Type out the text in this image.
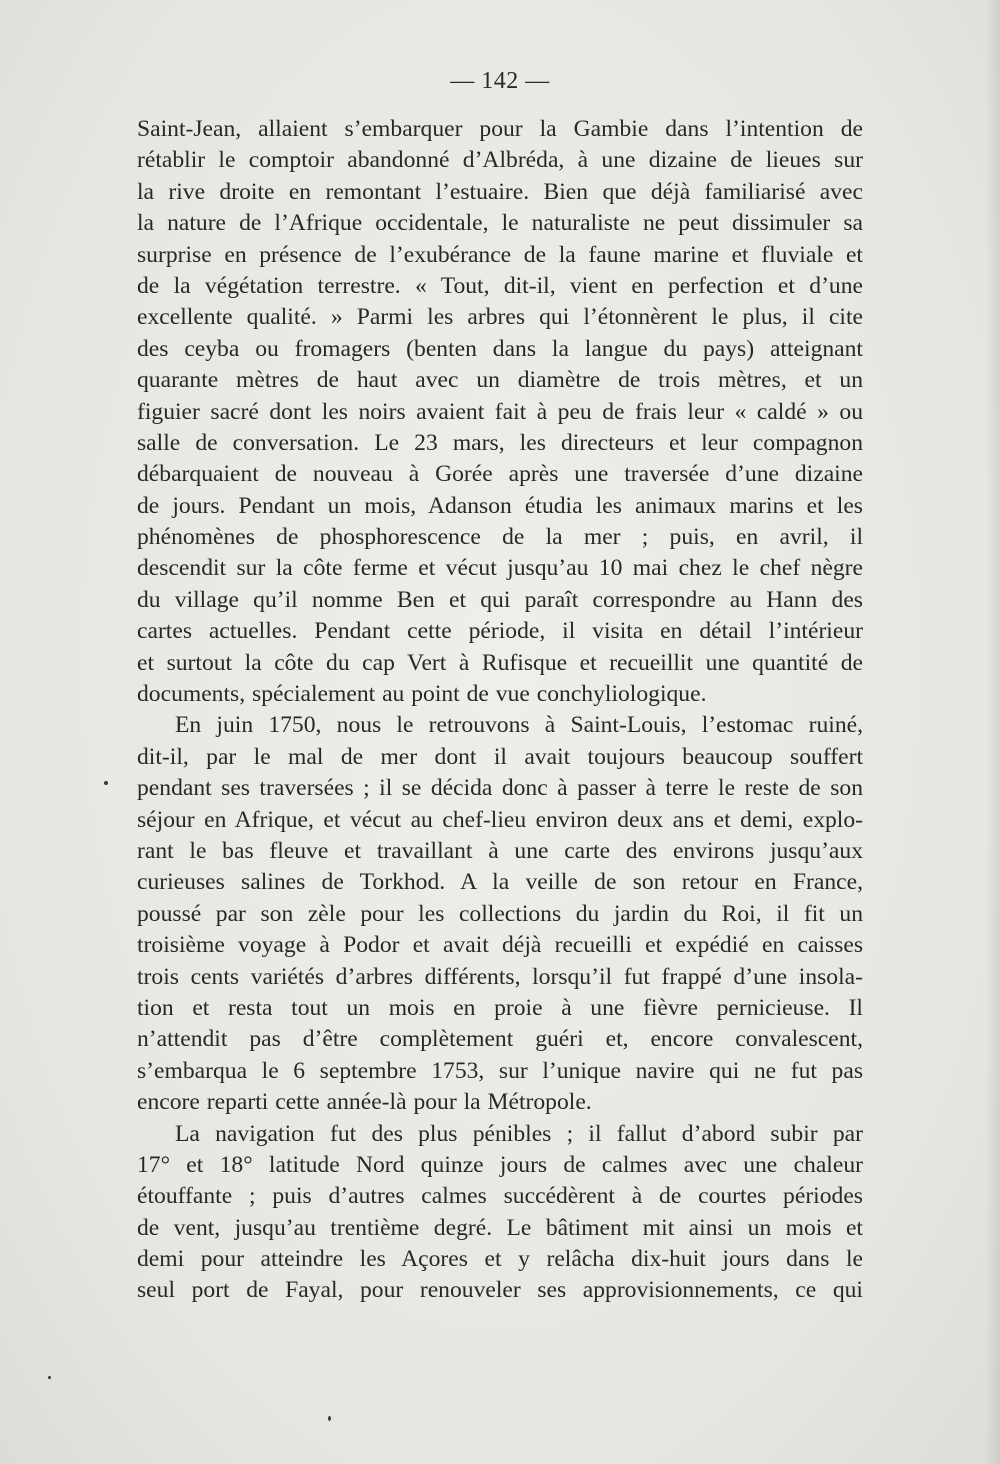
— 142 —
Saint-Jean, allaient s’embarquer pour la Gambie dans l’intention de
rétablir le comptoir abandonné d’Albréda, à une dizaine de lieues sur
la rive droite en remontant l’estuaire. Bien que déjà familiarisé avec
la nature de l’Afrique occidentale, le naturaliste ne peut dissimuler sa
surprise en présence de l’exubérance de la faune marine et fluviale et
de la végétation terrestre. « Tout, dit-il, vient en perfection et d’une
excellente qualité. » Parmi les arbres qui l’étonnèrent le plus, il cite
des ceyba ou fromagers (benten dans la langue du pays) atteignant
quarante mètres de haut avec un diamètre de trois mètres, et un
figuier sacré dont les noirs avaient fait à peu de frais leur « caldé » ou
salle de conversation. Le 23 mars, les directeurs et leur compagnon
débarquaient de nouveau à Gorée après une traversée d’une dizaine
de jours. Pendant un mois, Adanson étudia les animaux marins et les
phénomènes de phosphorescence de la mer ; puis, en avril, il
descendit sur la côte ferme et vécut jusqu’au 10 mai chez le chef nègre
du village qu’il nomme Ben et qui paraît correspondre au Hann des
cartes actuelles. Pendant cette période, il visita en détail l’intérieur
et surtout la côte du cap Vert à Rufisque et recueillit une quantité de
documents, spécialement au point de vue conchyliologique.
En juin 1750, nous le retrouvons à Saint-Louis, l’estomac ruiné,
dit-il, par le mal de mer dont il avait toujours beaucoup souffert
pendant ses traversées ; il se décida donc à passer à terre le reste de son
séjour en Afrique, et vécut au chef-lieu environ deux ans et demi, explo-
rant le bas fleuve et travaillant à une carte des environs jusqu’aux
curieuses salines de Torkhod. A la veille de son retour en France,
poussé par son zèle pour les collections du jardin du Roi, il fit un
troisième voyage à Podor et avait déjà recueilli et expédié en caisses
trois cents variétés d’arbres différents, lorsqu’il fut frappé d’une insola-
tion et resta tout un mois en proie à une fièvre pernicieuse. Il
n’attendit pas d’être complètement guéri et, encore convalescent,
s’embarqua le 6 septembre 1753, sur l’unique navire qui ne fut pas
encore reparti cette année-là pour la Métropole.
La navigation fut des plus pénibles ; il fallut d’abord subir par
17° et 18° latitude Nord quinze jours de calmes avec une chaleur
étouffante ; puis d’autres calmes succédèrent à de courtes périodes
de vent, jusqu’au trentième degré. Le bâtiment mit ainsi un mois et
demi pour atteindre les Açores et y relâcha dix-huit jours dans le
seul port de Fayal, pour renouveler ses approvisionnements, ce qui
